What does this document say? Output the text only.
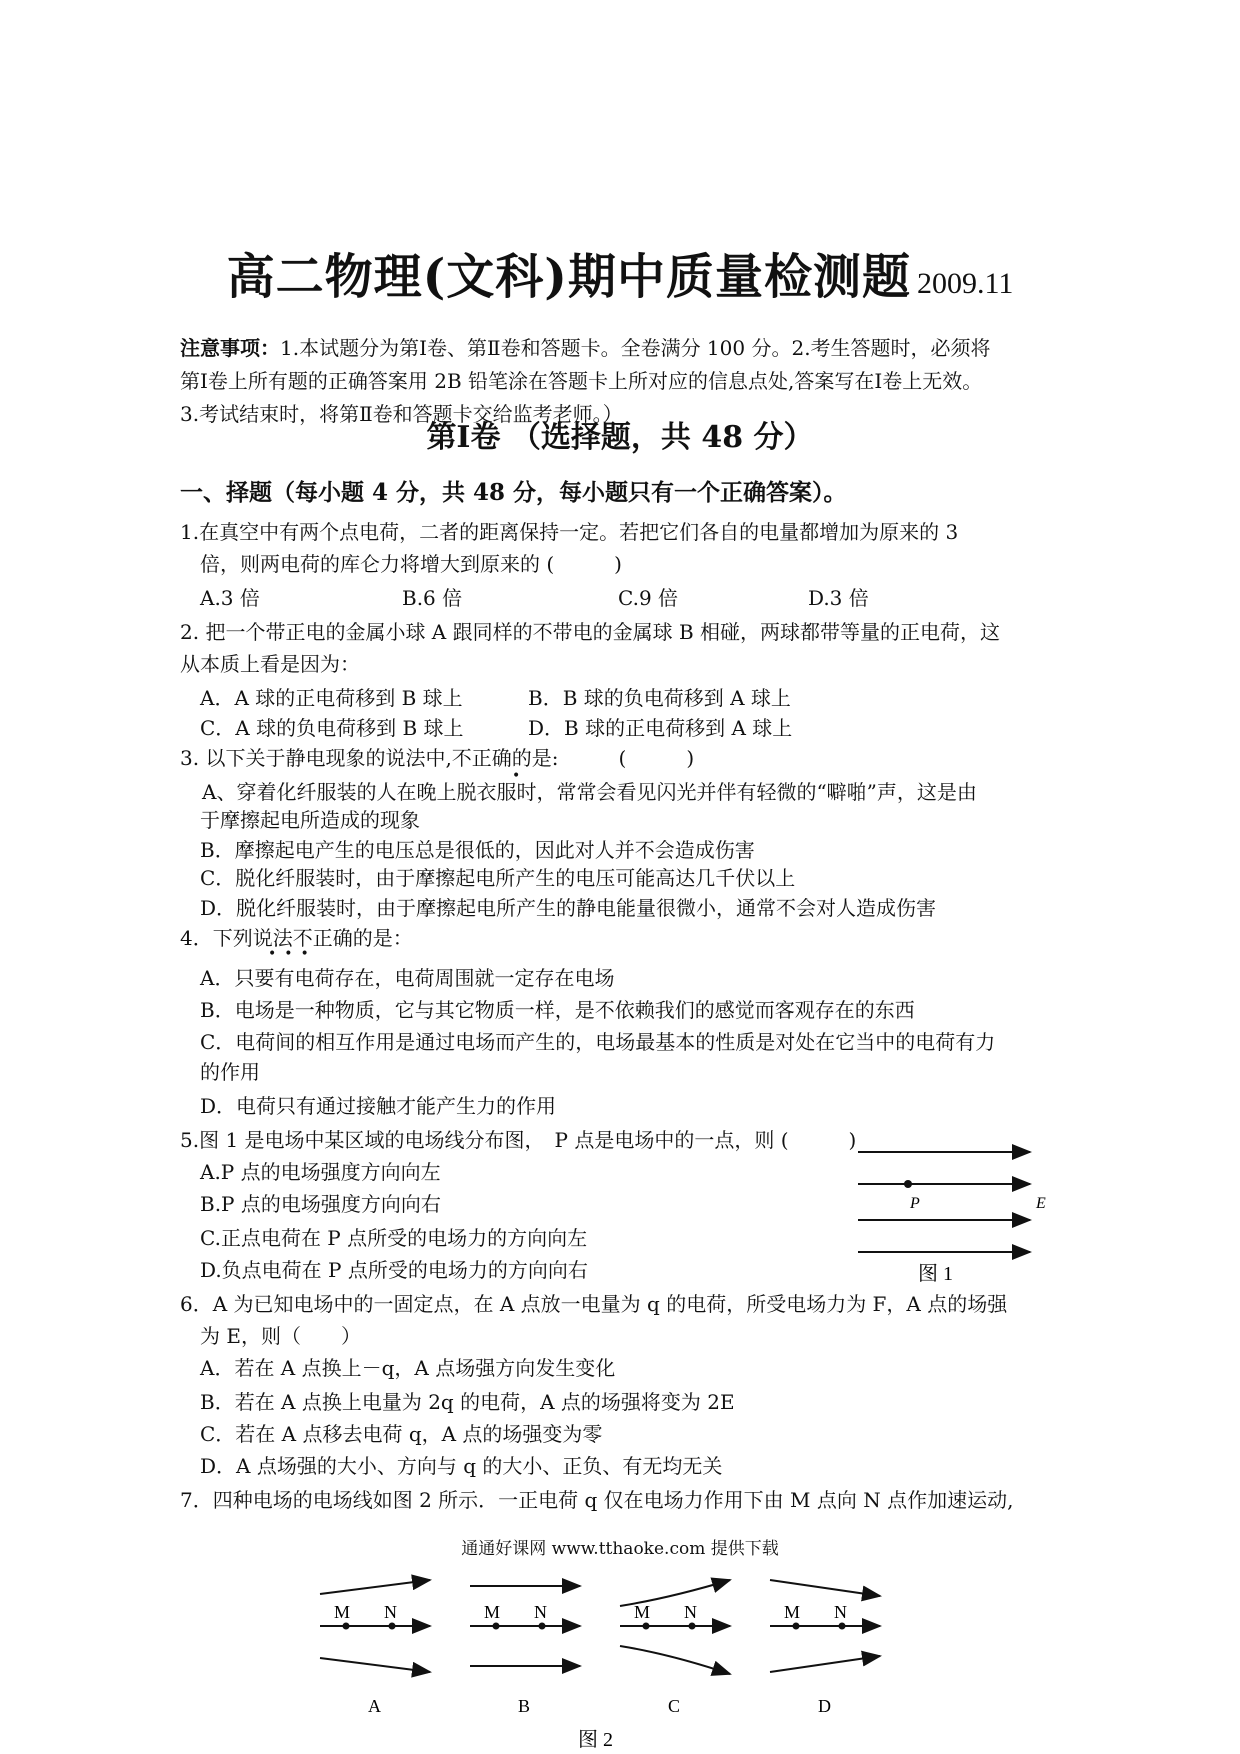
高二物理(文科)期中质量检测题 2009.11
注意事项：1.本试题分为第Ⅰ卷、第Ⅱ卷和答题卡。全卷满分 100 分。2.考生答题时，必须将
第Ⅰ卷上所有题的正确答案用 2B 铅笔涂在答题卡上所对应的信息点处,答案写在Ⅰ卷上无效。
3.考试结束时，将第Ⅱ卷和答题卡交给监考老师。）
第Ⅰ卷 （选择题，共 48 分）
一、择题（每小题 4 分，共 48 分，每小题只有一个正确答案）。
1.在真空中有两个点电荷，二者的距离保持一定。若把它们各自的电量都增加为原来的 3
倍，则两电荷的库仑力将增大到原来的 (　　　)
A.3 倍	B.6 倍	C.9 倍	D.3 倍
2. 把一个带正电的金属小球 A 跟同样的不带电的金属球 B 相碰，两球都带等量的正电荷，这
从本质上看是因为：
A．A 球的正电荷移到 B 球上	B．B 球的负电荷移到 A 球上
C．A 球的负电荷移到 B 球上	D．B 球的正电荷移到 A 球上
3. 以下关于静电现象的说法中,不正确的是:　　　(　　　)
•
A、穿着化纤服装的人在晚上脱衣服时，常常会看见闪光并伴有轻微的“噼啪”声，这是由
于摩擦起电所造成的现象
B．摩擦起电产生的电压总是很低的，因此对人并不会造成伤害
C．脱化纤服装时，由于摩擦起电所产生的电压可能高达几千伏以上
D．脱化纤服装时，由于摩擦起电所产生的静电能量很微小，通常不会对人造成伤害
4．下列说法不正确的是：
•••
A．只要有电荷存在，电荷周围就一定存在电场
B．电场是一种物质，它与其它物质一样，是不依赖我们的感觉而客观存在的东西
C．电荷间的相互作用是通过电场而产生的，电场最基本的性质是对处在它当中的电荷有力
的作用
D．电荷只有通过接触才能产生力的作用
5.图 1 是电场中某区域的电场线分布图，　P 点是电场中的一点，则 (　　　)
A.P 点的电场强度方向向左
B.P 点的电场强度方向向右
C.正点电荷在 P 点所受的电场力的方向向左
D.负点电荷在 P 点所受的电场力的方向向右
P	E
图 1
6．A 为已知电场中的一固定点，在 A 点放一电量为 q 的电荷，所受电场力为 F，A 点的场强
为 E，则（　　）
A．若在 A 点换上－q，A 点场强方向发生变化
B．若在 A 点换上电量为 2q 的电荷，A 点的场强将变为 2E
C．若在 A 点移去电荷 q，A 点的场强变为零
D．A 点场强的大小、方向与 q 的大小、正负、有无均无关
7．四种电场的电场线如图 2 所示．一正电荷 q 仅在电场力作用下由 M 点向 N 点作加速运动,
通通好课网 www.tthaoke.com 提供下载
M N
A
M N
B
M N
C
M N
D
图 2
